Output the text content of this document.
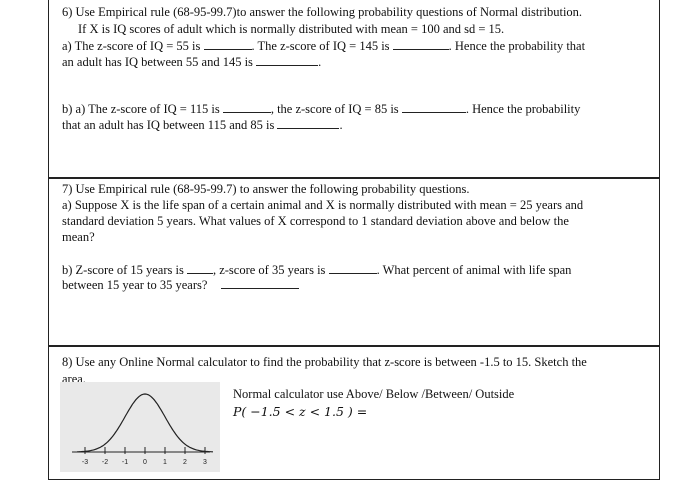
6) Use Empirical rule (68-95-99.7)to answer the following probability questions of Normal distribution.
If X is IQ scores of adult which is normally distributed with mean = 100 and sd = 15.
a) The z-score of IQ = 55 is	. The z-score of IQ = 145 is	. Hence the probability that
an adult has IQ between 55 and 145 is	.
b) a) The z-score of IQ = 115 is	, the z-score of IQ = 85 is	. Hence the probability
that an adult has IQ between 115 and 85 is	.
7) Use Empirical rule (68-95-99.7) to answer the following probability questions.
a) Suppose X is the life span of a certain animal and X is normally distributed with mean = 25 years and
standard deviation 5 years. What values of X correspond to 1 standard deviation above and below the
mean?
b) Z-score of 15 years is , z-score of 35 years is	. What percent of animal with life span
between 15 year to 35 years?
8) Use any Online Normal calculator to find the probability that z-score is between -1.5 to 15. Sketch the
area.
Normal calculator use Above/ Below /Between/ Outside
P( −1.5 < z < 1.5 ) =
-3 -2 -1 0 1 2 3
